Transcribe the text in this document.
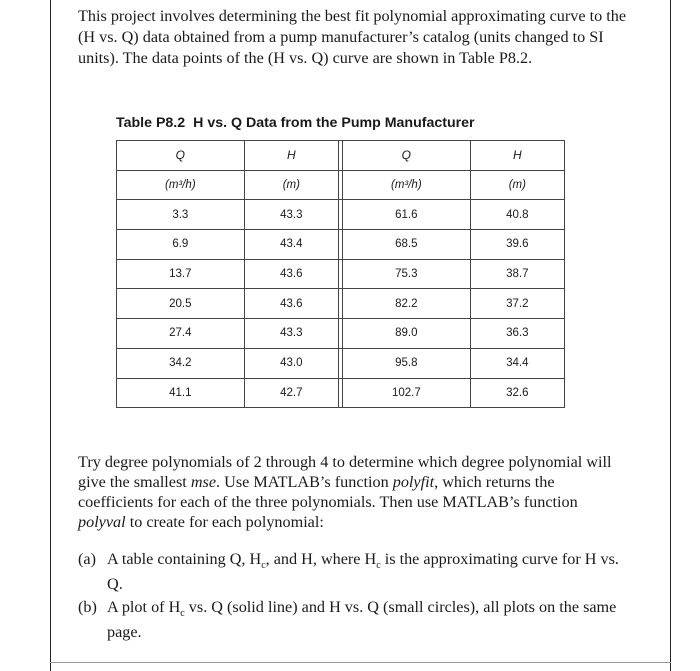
This project involves determining the best fit polynomial approximating curve to the (H vs. Q) data obtained from a pump manufacturer’s catalog (units changed to SI units). The data points of the (H vs. Q) curve are shown in Table P8.2.

Table P8.2 H vs. Q Data from the Pump Manufacturer

Q	H		Q	H
(m³/h)	(m)		(m³/h)	(m)
3.3	43.3		61.6	40.8
6.9	43.4		68.5	39.6
13.7	43.6		75.3	38.7
20.5	43.6		82.2	37.2
27.4	43.3		89.0	36.3
34.2	43.0		95.8	34.4
41.1	42.7		102.7	32.6

Try degree polynomials of 2 through 4 to determine which degree polynomial will give the smallest mse. Use MATLAB’s function polyfit, which returns the coefficients for each of the three polynomials. Then use MATLAB’s function polyval to create for each polynomial:

(a) A table containing Q, $H_c$, and H, where $H_c$ is the approximating curve for H vs. Q.
(b) A plot of $H_c$ vs. Q (solid line) and H vs. Q (small circles), all plots on the same page.
